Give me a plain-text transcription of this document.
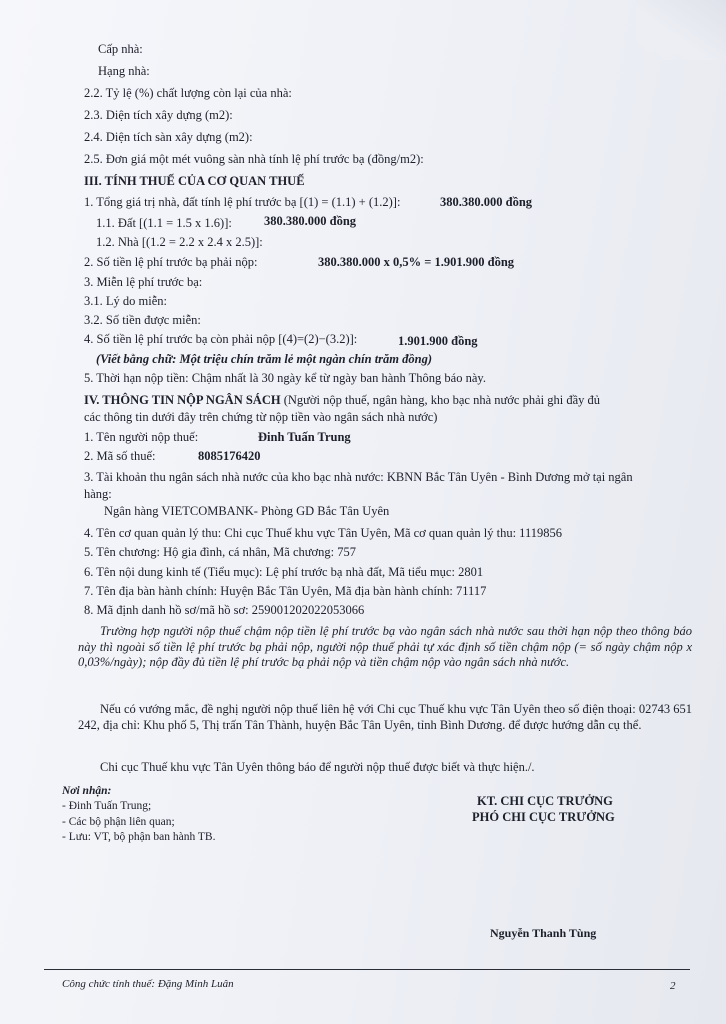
Cấp nhà:
Hạng nhà:
2.2. Tỷ lệ (%) chất lượng còn lại của nhà:
2.3. Diện tích xây dựng (m2):
2.4. Diện tích sàn xây dựng (m2):
2.5. Đơn giá một mét vuông sàn nhà tính lệ phí trước bạ (đồng/m2):
III. TÍNH THUẾ CỦA CƠ QUAN THUẾ
1. Tổng giá trị nhà, đất tính lệ phí trước bạ [(1) = (1.1) + (1.2)]:	380.380.000 đồng
1.1. Đất [(1.1 = 1.5 x 1.6)]:	380.380.000 đồng
1.2. Nhà [(1.2 = 2.2 x 2.4 x 2.5)]:
2. Số tiền lệ phí trước bạ phải nộp:	380.380.000 x 0,5% = 1.901.900 đồng
3. Miễn lệ phí trước bạ:
3.1. Lý do miễn:
3.2. Số tiền được miễn:
4. Số tiền lệ phí trước bạ còn phải nộp [(4)=(2)−(3.2)]:	1.901.900 đồng
(Viết bằng chữ: Một triệu chín trăm lẻ một ngàn chín trăm đồng)
5. Thời hạn nộp tiền: Chậm nhất là 30 ngày kể từ ngày ban hành Thông báo này.
IV. THÔNG TIN NỘP NGÂN SÁCH (Người nộp thuế, ngân hàng, kho bạc nhà nước phải ghi đầy đủ
các thông tin dưới đây trên chứng từ nộp tiền vào ngân sách nhà nước)
1. Tên người nộp thuế:	Đinh Tuấn Trung
2. Mã số thuế:	8085176420
3. Tài khoản thu ngân sách nhà nước của kho bạc nhà nước: KBNN Bắc Tân Uyên - Bình Dương mở tại ngân
hàng:
Ngân hàng VIETCOMBANK- Phòng GD Bắc Tân Uyên
4. Tên cơ quan quản lý thu: Chi cục Thuế khu vực Tân Uyên, Mã cơ quan quản lý thu: 1119856
5. Tên chương: Hộ gia đình, cá nhân, Mã chương: 757
6. Tên nội dung kinh tế (Tiểu mục): Lệ phí trước bạ nhà đất, Mã tiểu mục: 2801
7. Tên địa bàn hành chính: Huyện Bắc Tân Uyên, Mã địa bàn hành chính: 71117
8. Mã định danh hồ sơ/mã hồ sơ: 259001202022053066
Trường hợp người nộp thuế chậm nộp tiền lệ phí trước bạ vào ngân sách nhà nước sau thời hạn nộp theo thông báo này thì ngoài số tiền lệ phí trước bạ phải nộp, người nộp thuế phải tự xác định số tiền chậm nộp (= số ngày chậm nộp x 0,03%/ngày); nộp đầy đủ tiền lệ phí trước bạ phải nộp và tiền chậm nộp vào ngân sách nhà nước.
Nếu có vướng mắc, đề nghị người nộp thuế liên hệ với Chi cục Thuế khu vực Tân Uyên theo số điện thoại: 02743 651 242, địa chỉ: Khu phố 5, Thị trấn Tân Thành, huyện Bắc Tân Uyên, tỉnh Bình Dương. để được hướng dẫn cụ thể.
Chi cục Thuế khu vực Tân Uyên thông báo để người nộp thuế được biết và thực hiện./.
Nơi nhận:
- Đinh Tuấn Trung;
- Các bộ phận liên quan;
- Lưu: VT, bộ phận ban hành TB.
KT. CHI CỤC TRƯỞNG
PHÓ CHI CỤC TRƯỞNG
Nguyễn Thanh Tùng
Công chức tính thuế: Đặng Minh Luân	2
